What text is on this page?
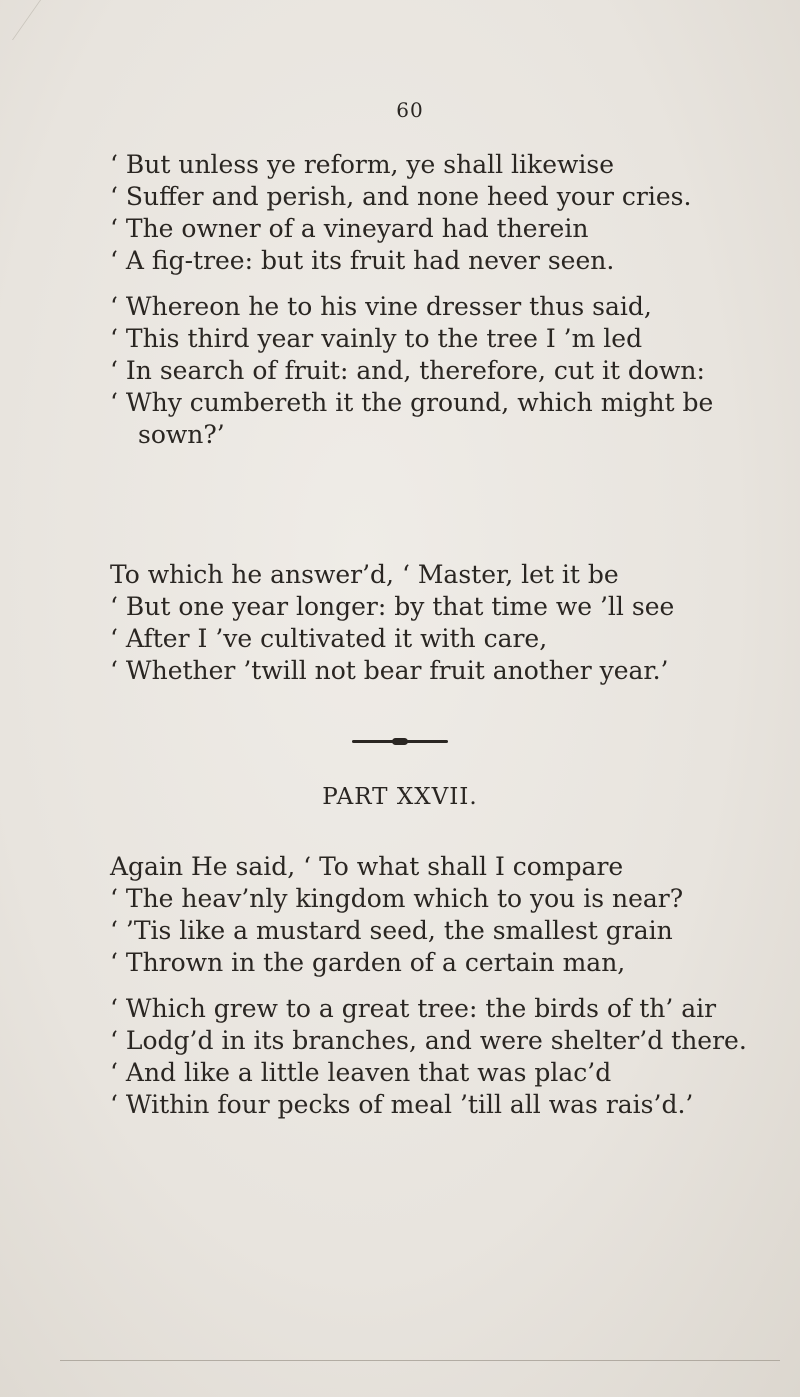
60
‘ But unless ye reform, ye shall likewise
‘ Suffer and perish, and none heed your cries.
‘ The owner of a vineyard had therein
‘ A fig-tree: but its fruit had never seen.
‘ Whereon he to his vine dresser thus said,
‘ This third year vainly to the tree I ’m led
‘ In search of fruit: and, therefore, cut it down:
‘ Why cumbereth it the ground, which might be
sown?’
To which he answer’d, ‘ Master, let it be
‘ But one year longer: by that time we ’ll see
‘ After I ’ve cultivated it with care,
‘ Whether ’twill not bear fruit another year.’
PART XXVII.
Again He said, ‘ To what shall I compare
‘ The heav’nly kingdom which to you is near?
‘ ’Tis like a mustard seed, the smallest grain
‘ Thrown in the garden of a certain man,
‘ Which grew to a great tree: the birds of th’ air
‘ Lodg’d in its branches, and were shelter’d there.
‘ And like a little leaven that was plac’d
‘ Within four pecks of meal ’till all was rais’d.’
